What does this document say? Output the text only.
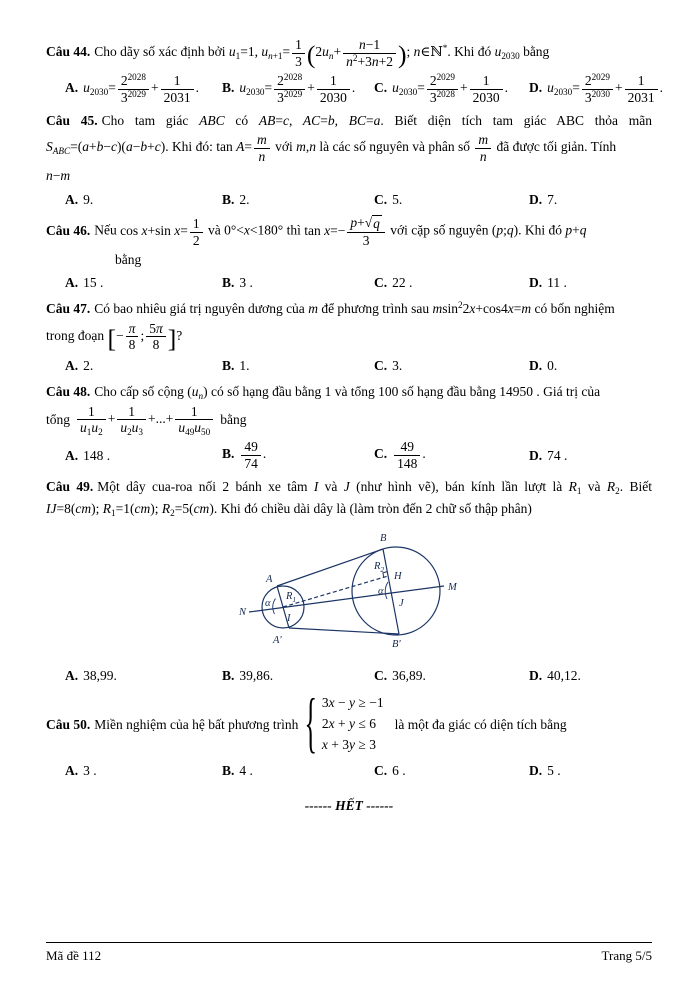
Câu 44. Cho dãy số xác định bởi $u_1=1$, $u_{n+1}= \frac{1}{3} (2u_n+ \frac{n-1}{n^2+3n+2}$ ); n∈ℕ*. Khi đó $u_{2030}$ bằng

A. $u_{2030}= \frac{2^{2028}}{3^{2029}} + \frac{1}{2031}$ .	B. $u_{2030}= \frac{2^{2028}}{3^{2029}} + \frac{1}{2030}$ .	C. $u_{2030}= \frac{2^{2029}}{3^{2028}} + \frac{1}{2030}$ .	D. $u_{2030}= \frac{2^{2029}}{3^{2030}} + \frac{1}{2031}$ .

Câu 45. Cho tam giác ABC có AB=c, AC=b, BC=a. Biết diện tích tam giác ABC thỏa mãn $S_{ABC}=(a+b-c)(a-b+c)$. Khi đó: $\tan A= \frac{m}{n}$ với m,n là các số nguyên và phân số $\frac{m}{n}$ đã được tối giản. Tính

n−m

A. 9.	B. 2.	C. 5.	D. 7.

Câu 46. Nếu cos x+sin $x= \frac{1}{2}$ và 0°<x<180° thì $\tan x=- \frac{p+ √ q}{3}$ với cặp số nguyên (p;q). Khi đó p+q

bằng

A. 15 .	B. 3 .	C. 22 .	D. 11 .

Câu 47. Có bao nhiêu giá trị nguyên dương của m để phương trình sau msin$^2$2x+cos4x=m có bốn nghiệm

trong đoạn [− $\frac{\pi}{8}$ ; $\frac{5\pi}{8}$ ]?

A. 2.	B. 1.	C. 3.	D. 0.

Câu 48. Cho cấp số cộng $(u_n)$ có số hạng đầu bằng 1 và tổng 100 số hạng đầu bằng 14950 . Giá trị của

tổng $\frac{1}{u_1u_2} + \frac{1}{u_2u_3}$ +...+ $\frac{1}{u_{49}u_{50}}$ bằng
A. 148 .	B. $\frac{49}{74}$ .	C. $\frac{49}{148}$ .	D. 74 .

Câu 49. Một dây cua-roa nối 2 bánh xe tâm I và J (như hình vẽ), bán kính lần lượt là $R_1$ và $R_2$. Biết IJ=8(cm); $R_1=1(cm)$; $R_2=5(cm)$. Khi đó chiều dài dây là (làm tròn đến 2 chữ số thập phân)

B
$R_2$
H
M
J
α
A
$R_1$
α
N
I
A'	B'
A. 38,99.	B. 39,86.	C. 36,89.	D. 40,12.
Câu 50. Miền nghiệm của hệ bất phương trình { 3x − y ≥ −1
2x + y ≤ 6
x + 3y ≥ 3
là một đa giác có diện tích bằng
A. 3 .	B. 4 .	C. 6 .	D. 5 .
------ HẾT ------
Mã đề 112	Trang 5/5
